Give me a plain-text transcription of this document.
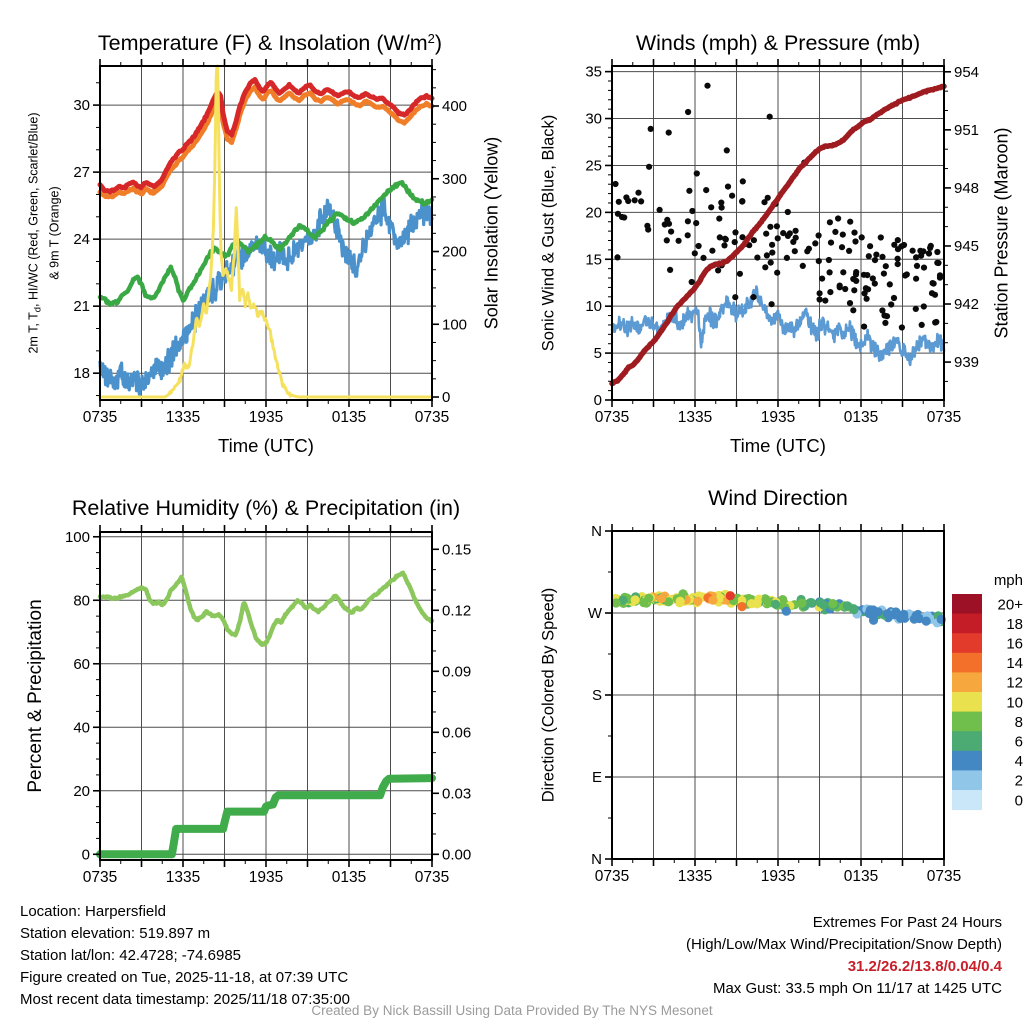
18
21
24
27
30
0
100
200
300
400
0735	1335	1935	0135	0735
0
5
10
15
20
25
30
35
939
942
945
948
951
954
0735	1335	1935	0135	0735
0
20
40
60
80
100
0.00
0.03
0.06
0.09
0.12
0.15
0735	1335	1935	0135	0735
N
W
S
E
N
0735	1335	1935	0135	0735
20+
18
16
14
12
10
8
6
4
2
0
Temperature (F) & Insolation $(W/m^2)$	Winds (mph) & Pressure (mb)
Relative Humidity (%) & Precipitation (in)	Wind Direction
Time (UTC)	Time (UTC)
2m T, $T_d$, HI/WC (Red, Green, Scarlet/Blue) & 9m T (Orange)	Solar Insolation (Yellow) Sonic Wind & Gust (Blue, Black)	Station Pressure (Maroon)
Percent & Precipitation	Direction (Colored By Speed)
mph
Location: Harpersfield
Station elevation: 519.897 m
Station lat/lon: 42.4728; -74.6985
Figure created on Tue, 2025-11-18, at 07:39 UTC
Most recent data timestamp: 2025/11/18 07:35:00
Created By Nick Bassill Using Data Provided By The NYS Mesonet
Extremes For Past 24 Hours
(High/Low/Max Wind/Precipitation/Snow Depth)
31.2/26.2/13.8/0.04/0.4
Max Gust: 33.5 mph On 11/17 at 1425 UTC
